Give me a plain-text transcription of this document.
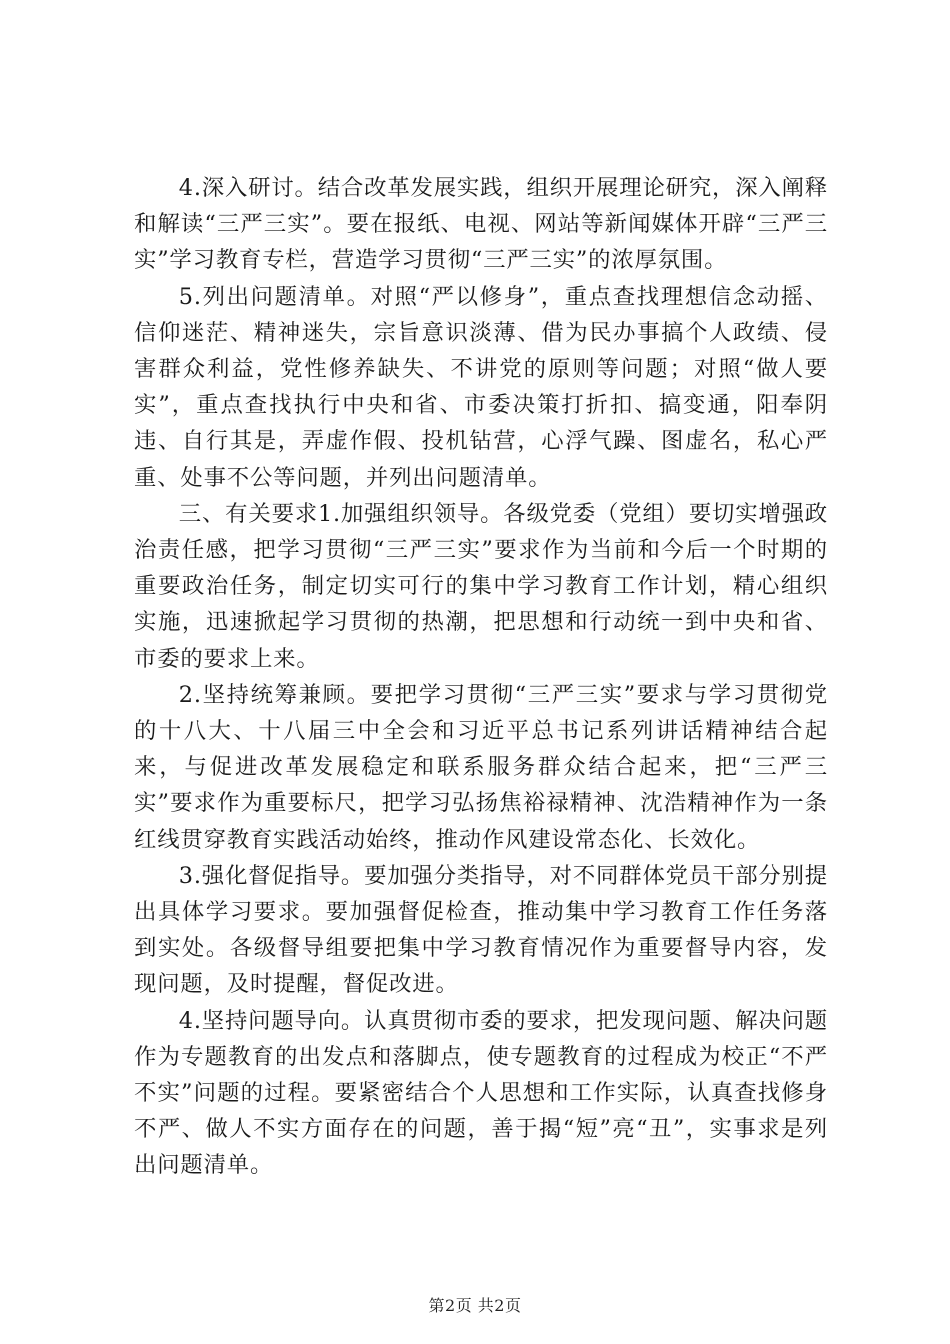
4.深入研讨。结合改革发展实践，组织开展理论研究，深入阐释和解读“三严三实”。要在报纸、电视、网站等新闻媒体开辟“三严三实”学习教育专栏，营造学习贯彻“三严三实”的浓厚氛围。

5.列出问题清单。对照“严以修身”，重点查找理想信念动摇、信仰迷茫、精神迷失，宗旨意识淡薄、借为民办事搞个人政绩、侵害群众利益，党性修养缺失、不讲党的原则等问题；对照“做人要实”，重点查找执行中央和省、市委决策打折扣、搞变通，阳奉阴违、自行其是，弄虚作假、投机钻营，心浮气躁、图虚名，私心严重、处事不公等问题，并列出问题清单。

三、有关要求1.加强组织领导。各级党委（党组）要切实增强政治责任感，把学习贯彻“三严三实”要求作为当前和今后一个时期的重要政治任务，制定切实可行的集中学习教育工作计划，精心组织实施，迅速掀起学习贯彻的热潮，把思想和行动统一到中央和省、市委的要求上来。

2.坚持统筹兼顾。要把学习贯彻“三严三实”要求与学习贯彻党的十八大、十八届三中全会和习近平总书记系列讲话精神结合起来，与促进改革发展稳定和联系服务群众结合起来，把“三严三实”要求作为重要标尺，把学习弘扬焦裕禄精神、沈浩精神作为一条红线贯穿教育实践活动始终，推动作风建设常态化、长效化。

3.强化督促指导。要加强分类指导，对不同群体党员干部分别提出具体学习要求。要加强督促检查，推动集中学习教育工作任务落到实处。各级督导组要把集中学习教育情况作为重要督导内容，发现问题，及时提醒，督促改进。

4.坚持问题导向。认真贯彻市委的要求，把发现问题、解决问题作为专题教育的出发点和落脚点，使专题教育的过程成为校正“不严不实”问题的过程。要紧密结合个人思想和工作实际，认真查找修身不严、做人不实方面存在的问题，善于揭“短”亮“丑”，实事求是列出问题清单。

第2页 共2页
